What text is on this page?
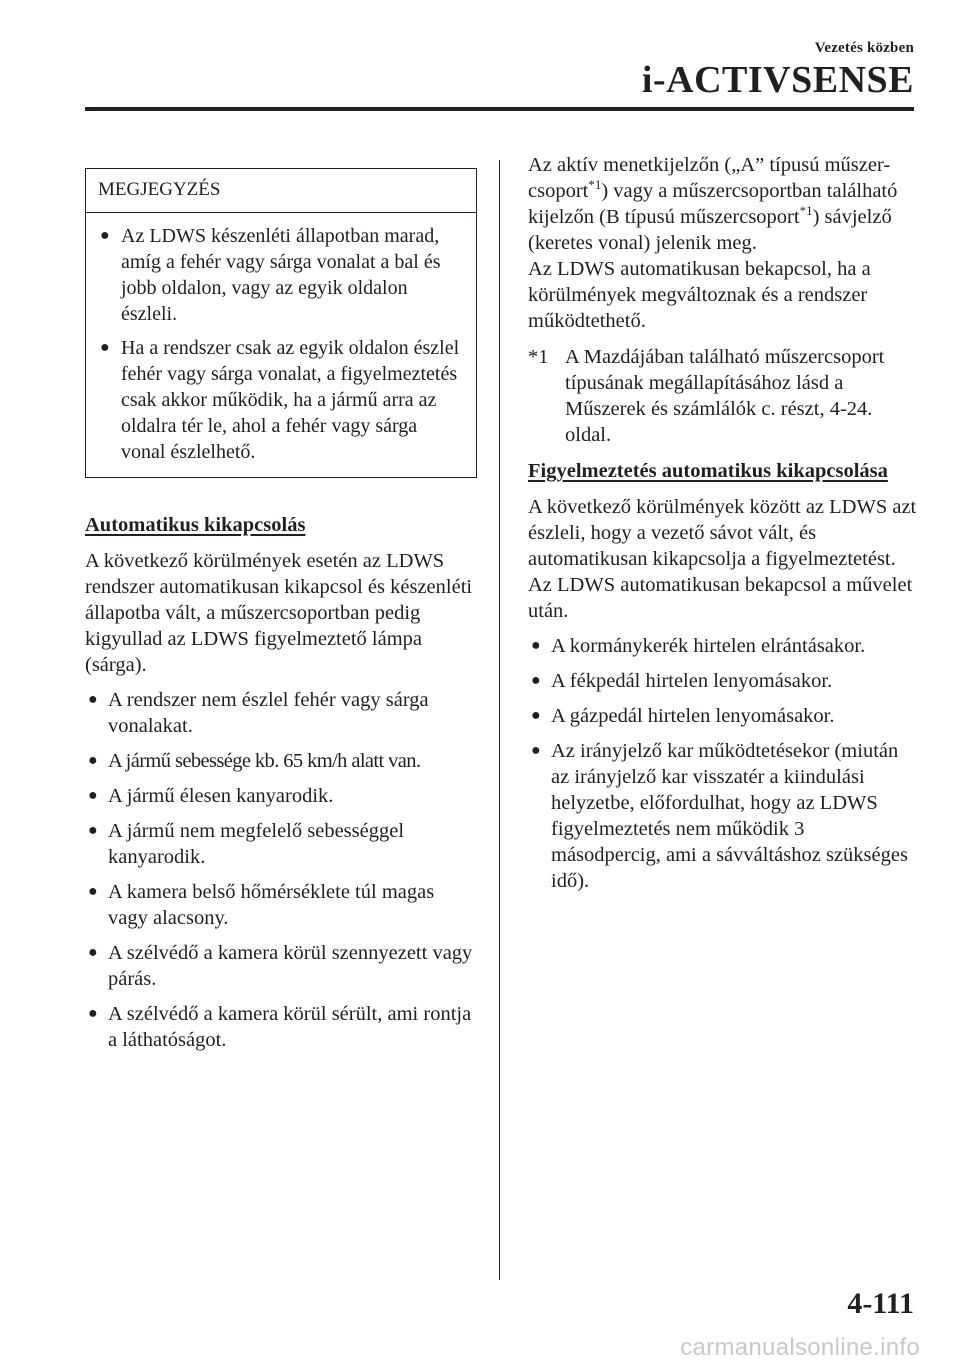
Vezetés közben
i-ACTIVSENSE
MEGJEGYZÉS
● Az LDWS készenléti állapotban marad, amíg a fehér vagy sárga vonalat a bal és jobb oldalon, vagy az egyik oldalon észleli.
● Ha a rendszer csak az egyik oldalon észlel fehér vagy sárga vonalat, a figyelmeztetés csak akkor működik, ha a jármű arra az oldalra tér le, ahol a fehér vagy sárga vonal észlelhető.

Automatikus kikapcsolás

A következő körülmények esetén az LDWS rendszer automatikusan kikapcsol és készenléti állapotba vált, a műszercsoportban pedig kigyullad az LDWS figyelmeztető lámpa (sárga).

● A rendszer nem észlel fehér vagy sárga vonalakat.
● A jármű sebessége kb. 65 km/h alatt van.
● A jármű élesen kanyarodik.
● A jármű nem megfelelő sebességgel kanyarodik.
● A kamera belső hőmérséklete túl magas vagy alacsony.
● A szélvédő a kamera körül szennyezett vagy párás.
● A szélvédő a kamera körül sérült, ami rontja a láthatóságot.

Az aktív menetkijelzőn („A” típusú műszer-csoport$^{*1}$) vagy a műszercsoportban található kijelzőn (B típusú műszercsoport$^{*1}$) sávjelző (keretes vonal) jelenik meg.

Az LDWS automatikusan bekapcsol, ha a körülmények megváltoznak és a rendszer működtethető.

*1 A Mazdájában található műszercsoport típusának megállapításához lásd a Műszerek és számlálók c. részt, 4-24. oldal.

Figyelmeztetés automatikus kikapcsolása

A következő körülmények között az LDWS azt észleli, hogy a vezető sávot vált, és automatikusan kikapcsolja a figyelmeztetést.

Az LDWS automatikusan bekapcsol a művelet után.

● A kormánykerék hirtelen elrántásakor.
● A fékpedál hirtelen lenyomásakor.
● A gázpedál hirtelen lenyomásakor.
● Az irányjelző kar működtetésekor (miután az irányjelző kar visszatér a kiindulási helyzetbe, előfordulhat, hogy az LDWS figyelmeztetés nem működik 3 másodpercig, ami a sávváltáshoz szükséges idő).
4-111
carmanualsonline.info
